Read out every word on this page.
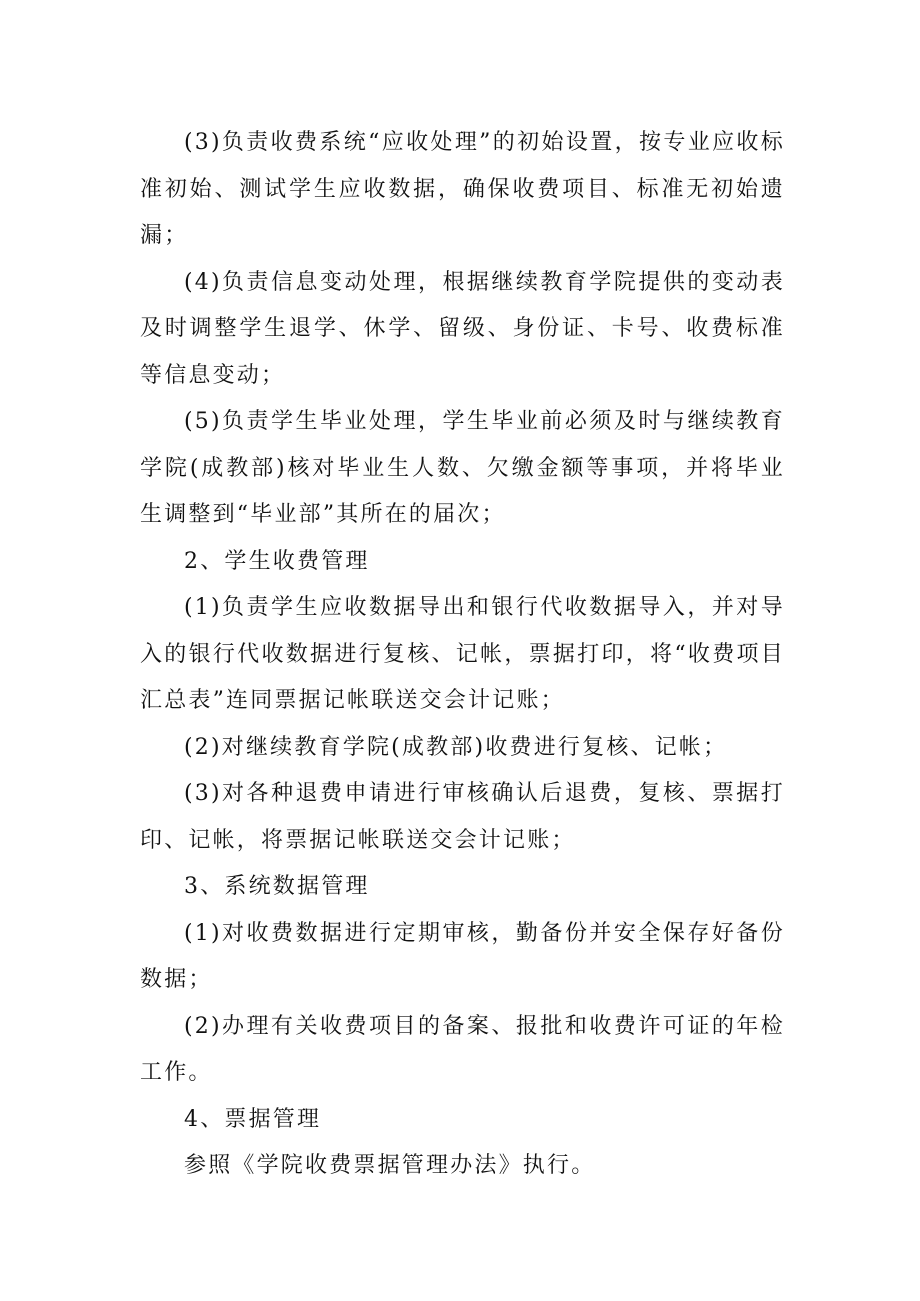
(3)负责收费系统“应收处理”的初始设置，按专业应收标准初始、测试学生应收数据，确保收费项目、标准无初始遗漏；

(4)负责信息变动处理，根据继续教育学院提供的变动表及时调整学生退学、休学、留级、身份证、卡号、收费标准等信息变动；

(5)负责学生毕业处理，学生毕业前必须及时与继续教育学院(成教部)核对毕业生人数、欠缴金额等事项，并将毕业生调整到“毕业部”其所在的届次；

2、学生收费管理

(1)负责学生应收数据导出和银行代收数据导入，并对导入的银行代收数据进行复核、记帐，票据打印，将“收费项目汇总表”连同票据记帐联送交会计记账；

(2)对继续教育学院(成教部)收费进行复核、记帐；

(3)对各种退费申请进行审核确认后退费，复核、票据打印、记帐，将票据记帐联送交会计记账；

3、系统数据管理

(1)对收费数据进行定期审核，勤备份并安全保存好备份数据；

(2)办理有关收费项目的备案、报批和收费许可证的年检工作。

4、票据管理

参照《学院收费票据管理办法》执行。
